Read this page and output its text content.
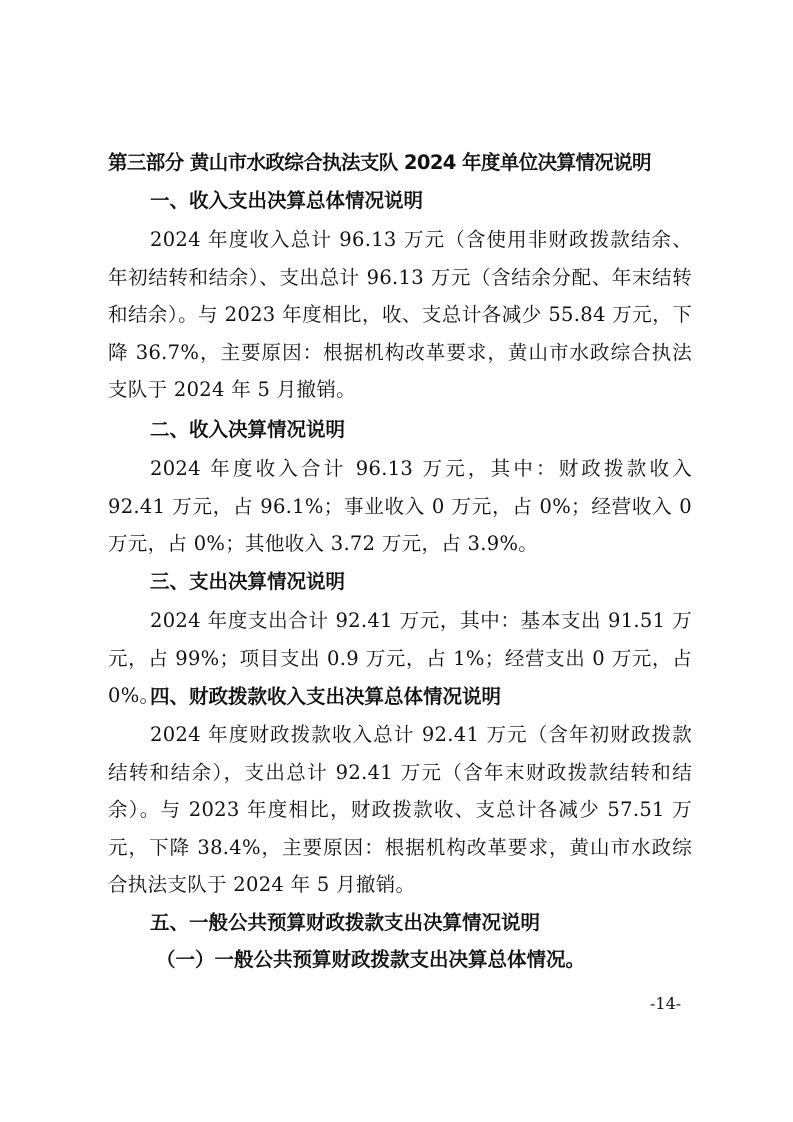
第三部分 黄山市水政综合执法支队 2024 年度单位决算情况说明
一、收入支出决算总体情况说明
2024 年度收入总计 96.13 万元（含使用非财政拨款结余、年初结转和结余）、支出总计 96.13 万元（含结余分配、年末结转和结余）。与 2023 年度相比，收、支总计各减少 55.84 万元，下降 36.7%，主要原因：根据机构改革要求，黄山市水政综合执法支队于 2024 年 5 月撤销。
二、收入决算情况说明
2024 年度收入合计 96.13 万元，其中：财政拨款收入 92.41 万元，占 96.1%；事业收入 0 万元，占 0%；经营收入 0 万元，占 0%；其他收入 3.72 万元，占 3.9%。
三、支出决算情况说明
2024 年度支出合计 92.41 万元，其中：基本支出 91.51 万元，占 99%；项目支出 0.9 万元，占 1%；经营支出 0 万元，占 0%。
四、财政拨款收入支出决算总体情况说明
2024 年度财政拨款收入总计 92.41 万元（含年初财政拨款结转和结余），支出总计 92.41 万元（含年末财政拨款结转和结余）。与 2023 年度相比，财政拨款收、支总计各减少 57.51 万元，下降 38.4%，主要原因：根据机构改革要求，黄山市水政综合执法支队于 2024 年 5 月撤销。
五、一般公共预算财政拨款支出决算情况说明
（一）一般公共预算财政拨款支出决算总体情况。
-14-
